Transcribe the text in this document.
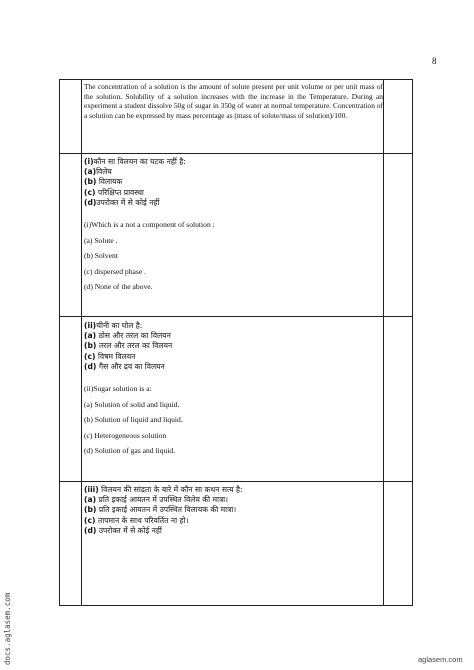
8
The concentration of a solution is the amount of solute present per unit volume or per unit mass of the solution. Solubility of a solution increases with the increase in the Temperature. During an experiment a student dissolve 50g of sugar in 350g of water at normal temperature. Concentration of a solution can be expressed by mass percentage as (mass of solute/mass of solution)/100.
(i)कौन सा विलयन का घटक नहीं है:
(a)विलेय
(b) विलायक
(c) परिक्षिप्त प्रावस्था
(d)उपरोक्त में से कोई नहीं
(i)Which is a not a component of solution :
(a) Solute .
(b) Solvent
(c) dispersed phase .
(d) None of the above.
(ii)चीनी का घोल है:
(a) ठोस और तरल का विलयन
(b) तरल और तरल का विलयन
(c) विषम विलयन
(d) गैस और द्रव का विलयन
(ii)Sugar solution is a:
(a) Solution of solid and liquid.
(b) Solution of liquid and liquid.
(c) Heterogeneous solution
(d) Solution of gas and liquid.
(iii) विलयन की सांद्रता के बारे में कौन सा कथन सत्य है:
(a) प्रति इकाई आयतन में उपस्थित विलेय की मात्रा।
(b) प्रति इकाई आयतन में उपस्थित विलायक की मात्रा।
(c) तापमान के साथ परिवर्तित ना हो।
(d) उपरोक्त में से कोई नहीं
docs.aglasem.com	aglasem.com
